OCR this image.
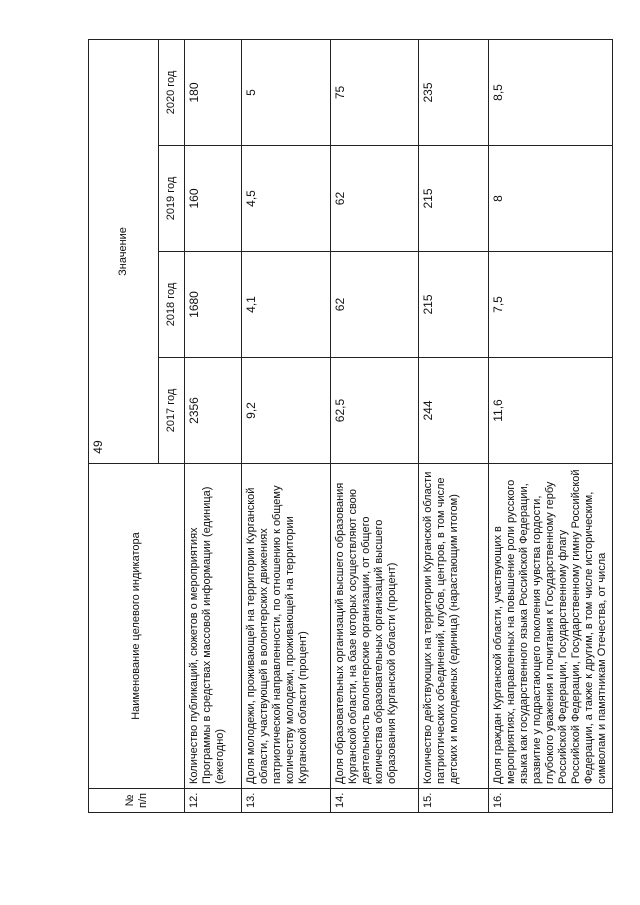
49
№ п/п	Наименование целевого индикатора	Значение			
		2017 год	2018 год	2019 год	2020 год
12.	Количество публикаций, сюжетов о мероприятиях Программы в средствах массовой информации (единица) (ежегодно)	2356	1680	160	180
13.	Доля молодежи, проживающей на территории Курганской области, участвующей в волонтерских движениях патриотической направленности, по отношению к общему количеству молодежи, проживающей на территории Курганской области (процент)	9,2	4,1	4,5	5
14.	Доля образовательных организаций высшего образования Курганской области, на базе которых осуществляют свою деятельность волонтерские организации, от общего количества образовательных организаций высшего образования Курганской области (процент)	62,5	62	62	75
15.	Количество действующих на территории Курганской области патриотических объединений, клубов, центров, в том числе детских и молодежных (единица) (нарастающим итогом)	244	215	215	235
16.	Доля граждан Курганской области, участвующих в мероприятиях, направленных на повышение роли русского языка как государственного языка Российской Федерации, развитие у подрастающего поколения чувства гордости, глубокого уважения и почитания к Государственному гербу Российской Федерации, Государственному флагу Российской Федерации, Государственному гимну Российской Федерации, а также к другим, в том числе историческим, символам и памятникам Отечества, от числа	11,6	7,5	8	8,5
